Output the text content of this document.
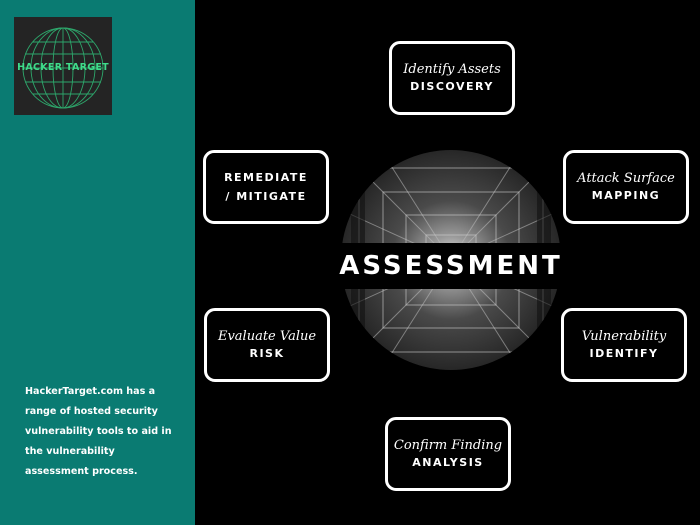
HACKER TARGET
HackerTarget.com has a range of hosted security vulnerability tools to aid in the vulnerability assessment process.
ASSESSMENT
Identify Assets
DISCOVERY
Attack Surface
MAPPING
Vulnerability
IDENTIFY
Confirm Finding
ANALYSIS
Evaluate Value
RISK
REMEDIATE
/ MITIGATE
